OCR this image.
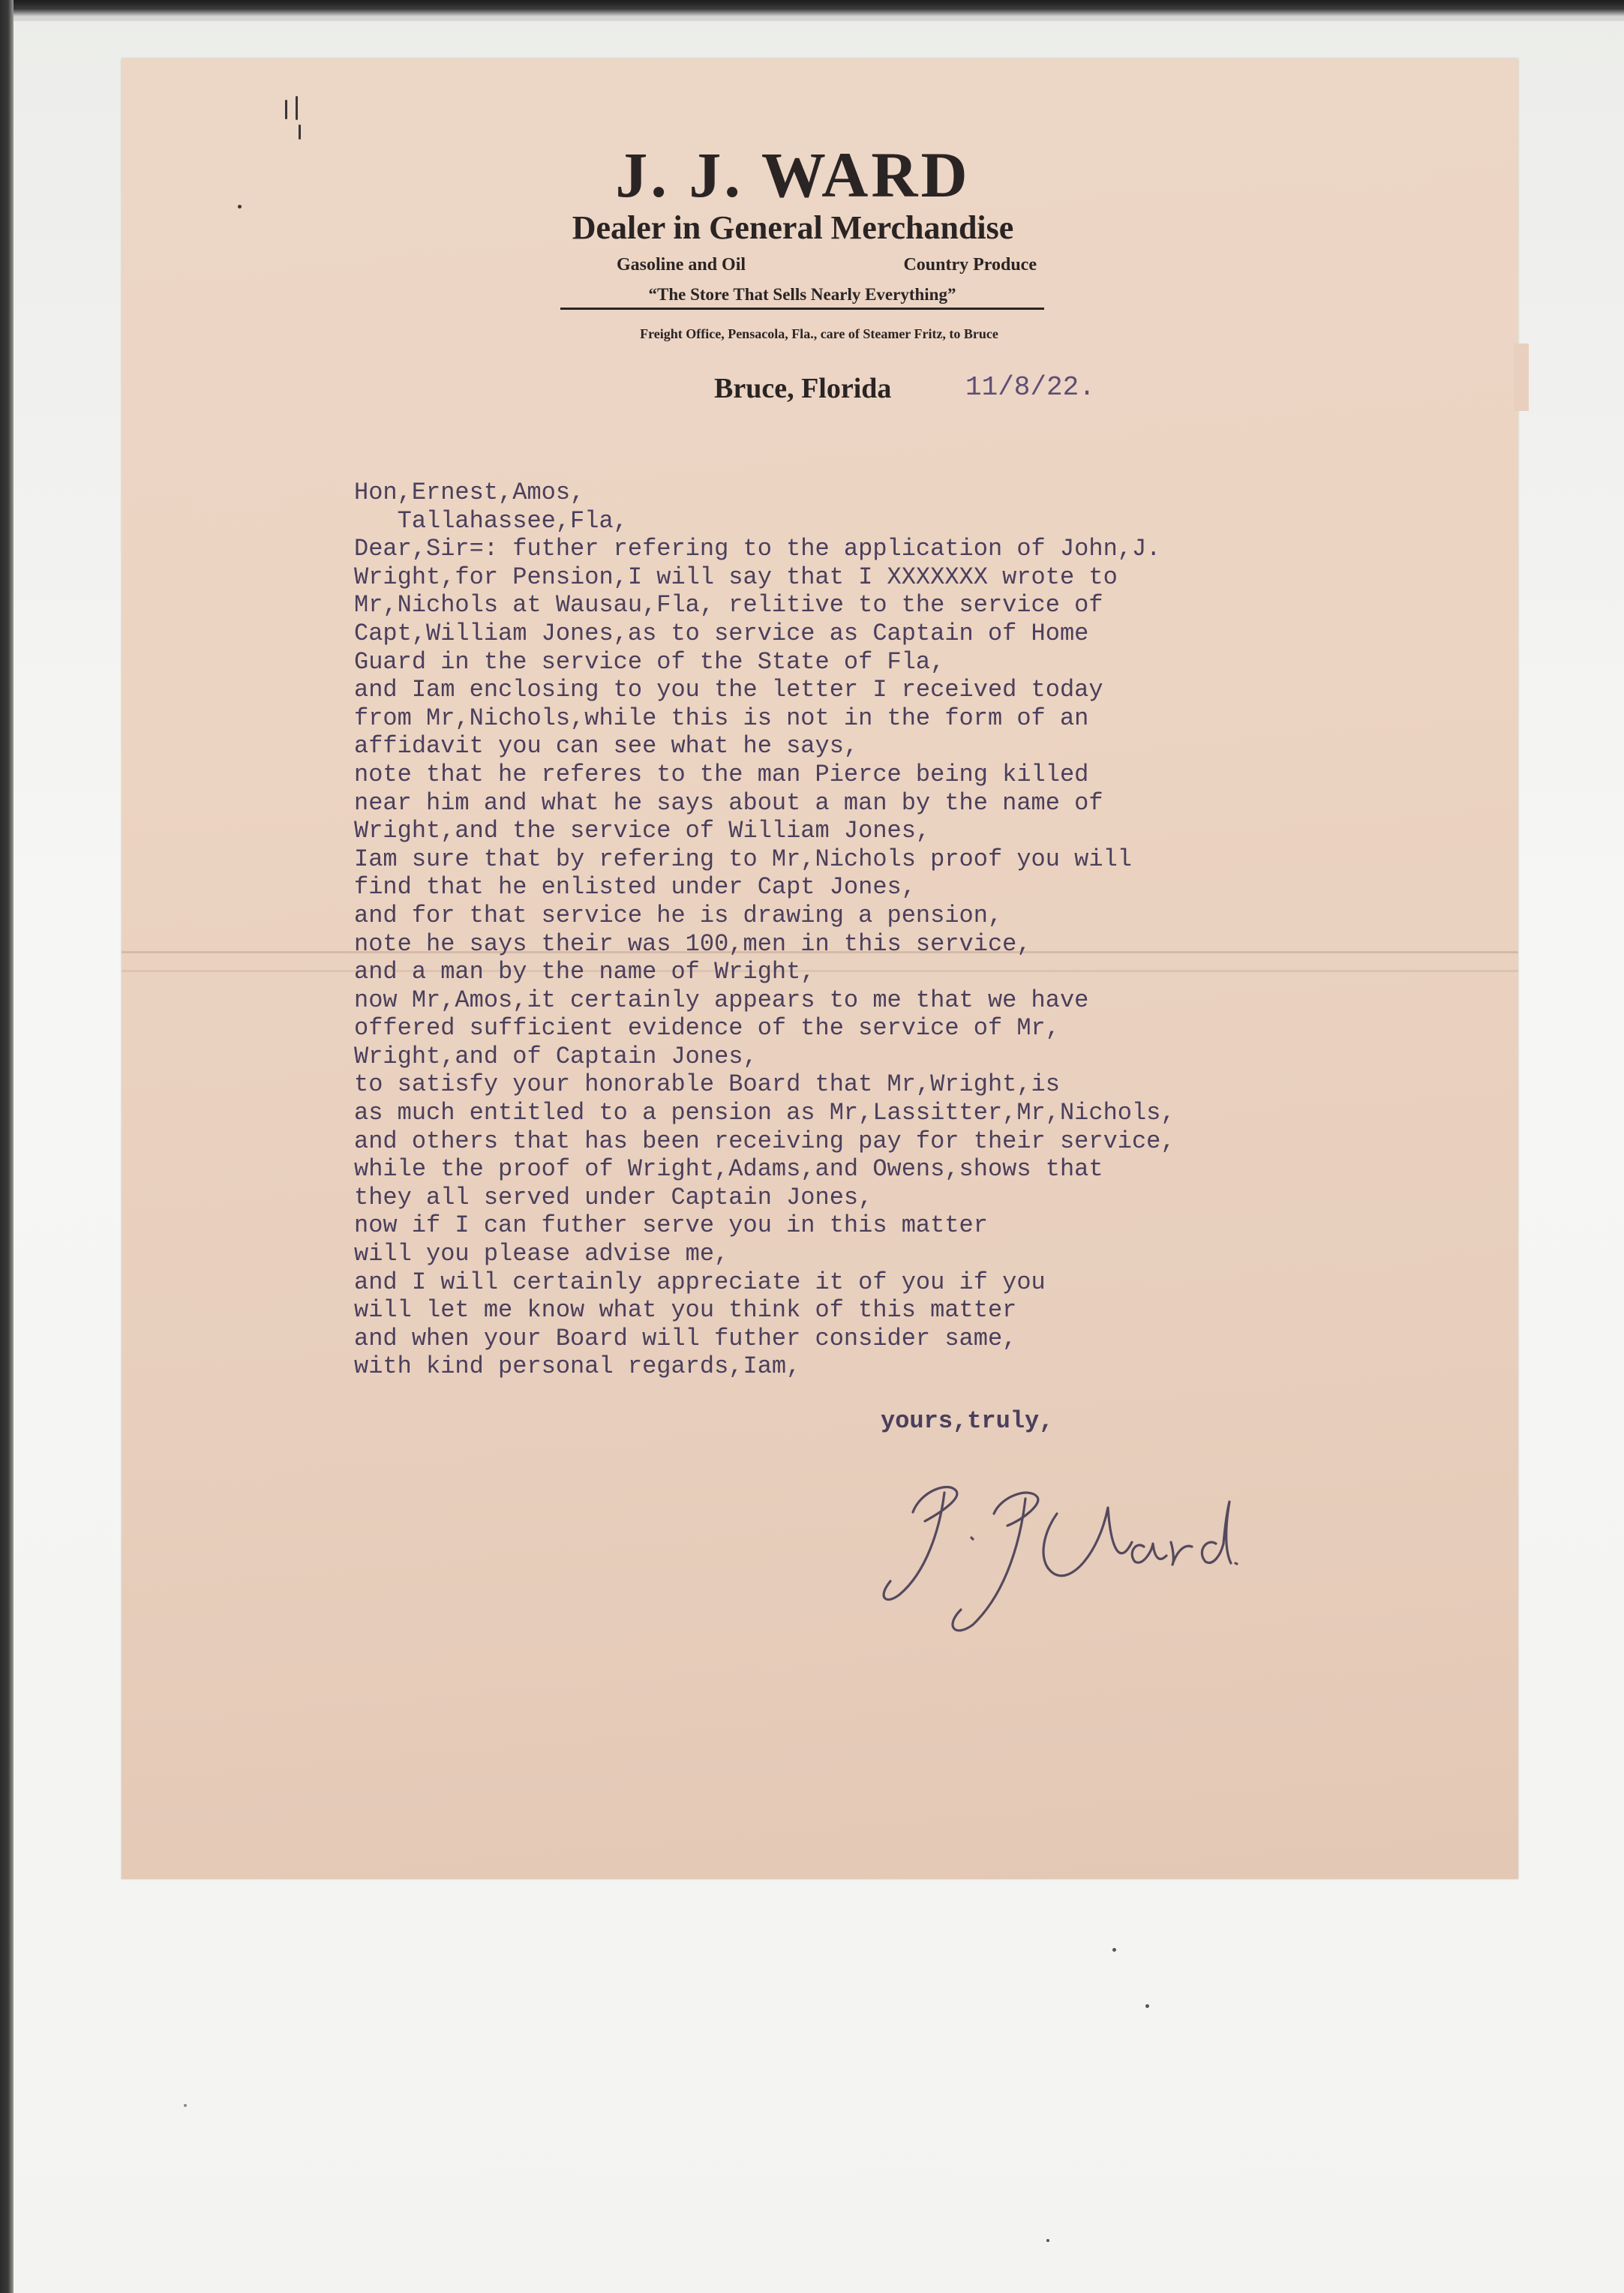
J. J. WARD
Dealer in General Merchandise
Gasoline and Oil	Country Produce
“The Store That Sells Nearly Everything”
Freight Office, Pensacola, Fla., care of Steamer Fritz, to Bruce
Bruce, Florida	11/8/22.
Hon,Ernest,Amos,
Tallahassee,Fla,
Dear,Sir=: futher refering to the application of John,J.
Wright,for Pension,I will say that I XXXXXXX wrote to
Mr,Nichols at Wausau,Fla, relitive to the service of
Capt,William Jones,as to service as Captain of Home
Guard in the service of the State of Fla,
and Iam enclosing to you the letter I received today
from Mr,Nichols,while this is not in the form of an
affidavit you can see what he says,
note that he referes to the man Pierce being killed
near him and what he says about a man by the name of
Wright,and the service of William Jones,
Iam sure that by refering to Mr,Nichols proof you will
find that he enlisted under Capt Jones,
and for that service he is drawing a pension,
note he says their was 100,men in this service,
and a man by the name of Wright,
now Mr,Amos,it certainly appears to me that we have
offered sufficient evidence of the service of Mr,
Wright,and of Captain Jones,
to satisfy your honorable Board that Mr,Wright,is
as much entitled to a pension as Mr,Lassitter,Mr,Nichols,
and others that has been receiving pay for their service,
while the proof of Wright,Adams,and Owens,shows that
they all served under Captain Jones,
now if I can futher serve you in this matter
will you please advise me,
and I will certainly appreciate it of you if you
will let me know what you think of this matter
and when your Board will futher consider same,
with kind personal regards,Iam,
yours,truly,
